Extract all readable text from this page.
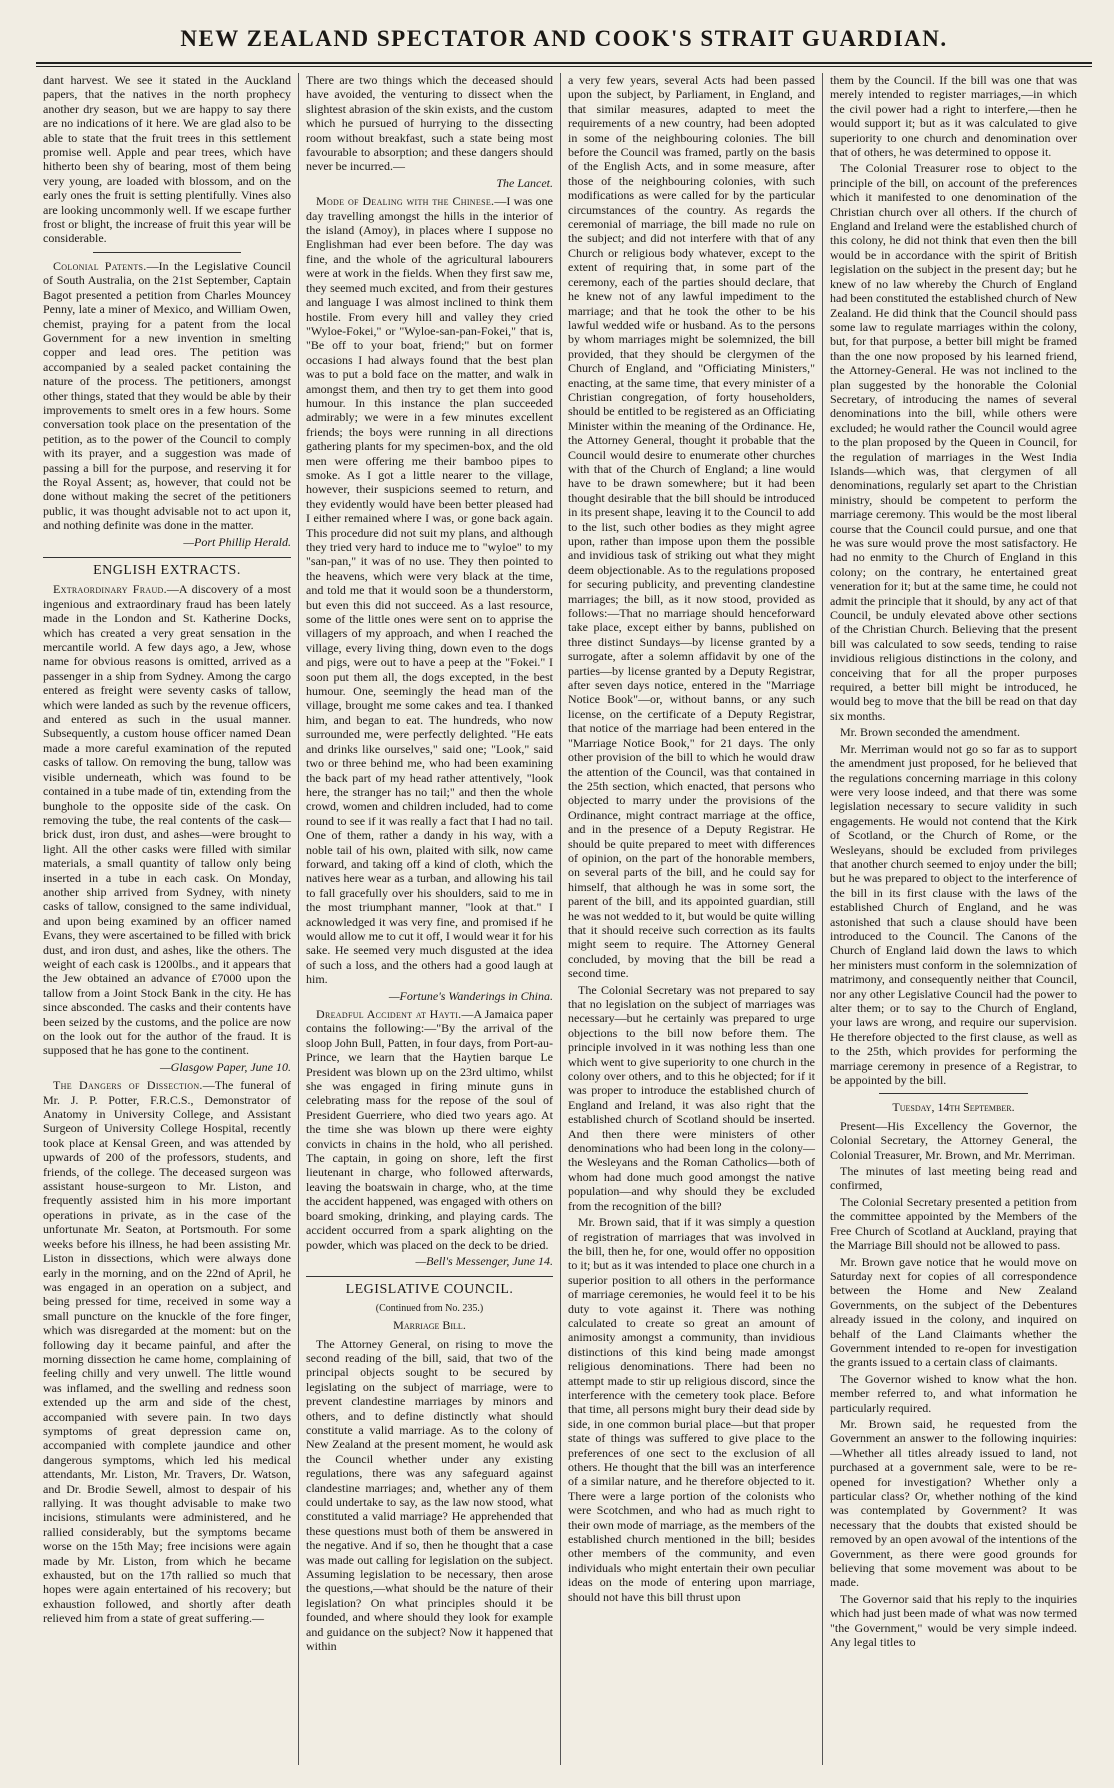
NEW ZEALAND SPECTATOR AND COOK'S STRAIT GUARDIAN.

dant harvest. We see it stated in the Auckland papers, that the natives in the north prophecy another dry season, but we are happy to say there are no indications of it here. We are glad also to be able to state that the fruit trees in this settlement promise well. Apple and pear trees, which have hitherto been shy of bearing, most of them being very young, are loaded with blossom, and on the early ones the fruit is setting plentifully. Vines also are looking uncommonly well. If we escape further frost or blight, the increase of fruit this year will be considerable.

Colonial Patents.—In the Legislative Council of South Australia, on the 21st September, Captain Bagot presented a petition from Charles Mouncey Penny, late a miner of Mexico, and William Owen, chemist, praying for a patent from the local Government for a new invention in smelting copper and lead ores. The petition was accompanied by a sealed packet containing the nature of the process. The petitioners, amongst other things, stated that they would be able by their improvements to smelt ores in a few hours. Some conversation took place on the presentation of the petition, as to the power of the Council to comply with its prayer, and a suggestion was made of passing a bill for the purpose, and reserving it for the Royal Assent; as, however, that could not be done without making the secret of the petitioners public, it was thought advisable not to act upon it, and nothing definite was done in the matter.

—Port Phillip Herald.
ENGLISH EXTRACTS.

Extraordinary Fraud.—A discovery of a most ingenious and extraordinary fraud has been lately made in the London and St. Katherine Docks, which has created a very great sensation in the mercantile world. A few days ago, a Jew, whose name for obvious reasons is omitted, arrived as a passenger in a ship from Sydney. Among the cargo entered as freight were seventy casks of tallow, which were landed as such by the revenue officers, and entered as such in the usual manner. Subsequently, a custom house officer named Dean made a more careful examination of the reputed casks of tallow. On removing the bung, tallow was visible underneath, which was found to be contained in a tube made of tin, extending from the bunghole to the opposite side of the cask. On removing the tube, the real contents of the cask—brick dust, iron dust, and ashes—were brought to light. All the other casks were filled with similar materials, a small quantity of tallow only being inserted in a tube in each cask. On Monday, another ship arrived from Sydney, with ninety casks of tallow, consigned to the same individual, and upon being examined by an officer named Evans, they were ascertained to be filled with brick dust, and iron dust, and ashes, like the others. The weight of each cask is 1200lbs., and it appears that the Jew obtained an advance of £7000 upon the tallow from a Joint Stock Bank in the city. He has since absconded. The casks and their contents have been seized by the customs, and the police are now on the look out for the author of the fraud. It is supposed that he has gone to the continent.

—Glasgow Paper, June 10.

The Dangers of Dissection.—The funeral of Mr. J. P. Potter, F.R.C.S., Demonstrator of Anatomy in University College, and Assistant Surgeon of University College Hospital, recently took place at Kensal Green, and was attended by upwards of 200 of the professors, students, and friends, of the college. The deceased surgeon was assistant house-surgeon to Mr. Liston, and frequently assisted him in his more important operations in private, as in the case of the unfortunate Mr. Seaton, at Portsmouth. For some weeks before his illness, he had been assisting Mr. Liston in dissections, which were always done early in the morning, and on the 22nd of April, he was engaged in an operation on a subject, and being pressed for time, received in some way a small puncture on the knuckle of the fore finger, which was disregarded at the moment: but on the following day it became painful, and after the morning dissection he came home, complaining of feeling chilly and very unwell. The little wound was inflamed, and the swelling and redness soon extended up the arm and side of the chest, accompanied with severe pain. In two days symptoms of great depression came on, accompanied with complete jaundice and other dangerous symptoms, which led his medical attendants, Mr. Liston, Mr. Travers, Dr. Watson, and Dr. Brodie Sewell, almost to despair of his rallying. It was thought advisable to make two incisions, stimulants were administered, and he rallied considerably, but the symptoms became worse on the 15th May; free incisions were again made by Mr. Liston, from which he became exhausted, but on the 17th rallied so much that hopes were again entertained of his recovery; but exhaustion followed, and shortly after death relieved him from a state of great suffering.—

There are two things which the deceased should have avoided, the venturing to dissect when the slightest abrasion of the skin exists, and the custom which he pursued of hurrying to the dissecting room without breakfast, such a state being most favourable to absorption; and these dangers should never be incurred.—

The Lancet.

Mode of Dealing with the Chinese.—I was one day travelling amongst the hills in the interior of the island (Amoy), in places where I suppose no Englishman had ever been before. The day was fine, and the whole of the agricultural labourers were at work in the fields. When they first saw me, they seemed much excited, and from their gestures and language I was almost inclined to think them hostile. From every hill and valley they cried "Wyloe-Fokei," or "Wyloe-san-pan-Fokei," that is, "Be off to your boat, friend;" but on former occasions I had always found that the best plan was to put a bold face on the matter, and walk in amongst them, and then try to get them into good humour. In this instance the plan succeeded admirably; we were in a few minutes excellent friends; the boys were running in all directions gathering plants for my specimen-box, and the old men were offering me their bamboo pipes to smoke. As I got a little nearer to the village, however, their suspicions seemed to return, and they evidently would have been better pleased had I either remained where I was, or gone back again. This procedure did not suit my plans, and although they tried very hard to induce me to "wyloe" to my "san-pan," it was of no use. They then pointed to the heavens, which were very black at the time, and told me that it would soon be a thunderstorm, but even this did not succeed. As a last resource, some of the little ones were sent on to apprise the villagers of my approach, and when I reached the village, every living thing, down even to the dogs and pigs, were out to have a peep at the "Fokei." I soon put them all, the dogs excepted, in the best humour. One, seemingly the head man of the village, brought me some cakes and tea. I thanked him, and began to eat. The hundreds, who now surrounded me, were perfectly delighted. "He eats and drinks like ourselves," said one; "Look," said two or three behind me, who had been examining the back part of my head rather attentively, "look here, the stranger has no tail;" and then the whole crowd, women and children included, had to come round to see if it was really a fact that I had no tail. One of them, rather a dandy in his way, with a noble tail of his own, plaited with silk, now came forward, and taking off a kind of cloth, which the natives here wear as a turban, and allowing his tail to fall gracefully over his shoulders, said to me in the most triumphant manner, "look at that." I acknowledged it was very fine, and promised if he would allow me to cut it off, I would wear it for his sake. He seemed very much disgusted at the idea of such a loss, and the others had a good laugh at him.

—Fortune's Wanderings in China.

Dreadful Accident at Hayti.—A Jamaica paper contains the following:—"By the arrival of the sloop John Bull, Patten, in four days, from Port-au-Prince, we learn that the Haytien barque Le President was blown up on the 23rd ultimo, whilst she was engaged in firing minute guns in celebrating mass for the repose of the soul of President Guerriere, who died two years ago. At the time she was blown up there were eighty convicts in chains in the hold, who all perished. The captain, in going on shore, left the first lieutenant in charge, who followed afterwards, leaving the boatswain in charge, who, at the time the accident happened, was engaged with others on board smoking, drinking, and playing cards. The accident occurred from a spark alighting on the powder, which was placed on the deck to be dried.

—Bell's Messenger, June 14.
LEGISLATIVE COUNCIL.
(Continued from No. 235.)
Marriage Bill.

The Attorney General, on rising to move the second reading of the bill, said, that two of the principal objects sought to be secured by legislating on the subject of marriage, were to prevent clandestine marriages by minors and others, and to define distinctly what should constitute a valid marriage. As to the colony of New Zealand at the present moment, he would ask the Council whether under any existing regulations, there was any safeguard against clandestine marriages; and, whether any of them could undertake to say, as the law now stood, what constituted a valid marriage? He apprehended that these questions must both of them be answered in the negative. And if so, then he thought that a case was made out calling for legislation on the subject. Assuming legislation to be necessary, then arose the questions,—what should be the nature of their legislation? On what principles should it be founded, and where should they look for example and guidance on the subject? Now it happened that within

a very few years, several Acts had been passed upon the subject, by Parliament, in England, and that similar measures, adapted to meet the requirements of a new country, had been adopted in some of the neighbouring colonies. The bill before the Council was framed, partly on the basis of the English Acts, and in some measure, after those of the neighbouring colonies, with such modifications as were called for by the particular circumstances of the country. As regards the ceremonial of marriage, the bill made no rule on the subject; and did not interfere with that of any Church or religious body whatever, except to the extent of requiring that, in some part of the ceremony, each of the parties should declare, that he knew not of any lawful impediment to the marriage; and that he took the other to be his lawful wedded wife or husband. As to the persons by whom marriages might be solemnized, the bill provided, that they should be clergymen of the Church of England, and "Officiating Ministers," enacting, at the same time, that every minister of a Christian congregation, of forty householders, should be entitled to be registered as an Officiating Minister within the meaning of the Ordinance. He, the Attorney General, thought it probable that the Council would desire to enumerate other churches with that of the Church of England; a line would have to be drawn somewhere; but it had been thought desirable that the bill should be introduced in its present shape, leaving it to the Council to add to the list, such other bodies as they might agree upon, rather than impose upon them the possible and invidious task of striking out what they might deem objectionable. As to the regulations proposed for securing publicity, and preventing clandestine marriages; the bill, as it now stood, provided as follows:—That no marriage should henceforward take place, except either by banns, published on three distinct Sundays—by license granted by a surrogate, after a solemn affidavit by one of the parties—by license granted by a Deputy Registrar, after seven days notice, entered in the "Marriage Notice Book"—or, without banns, or any such license, on the certificate of a Deputy Registrar, that notice of the marriage had been entered in the "Marriage Notice Book," for 21 days. The only other provision of the bill to which he would draw the attention of the Council, was that contained in the 25th section, which enacted, that persons who objected to marry under the provisions of the Ordinance, might contract marriage at the office, and in the presence of a Deputy Registrar. He should be quite prepared to meet with differences of opinion, on the part of the honorable members, on several parts of the bill, and he could say for himself, that although he was in some sort, the parent of the bill, and its appointed guardian, still he was not wedded to it, but would be quite willing that it should receive such correction as its faults might seem to require. The Attorney General concluded, by moving that the bill be read a second time.

The Colonial Secretary was not prepared to say that no legislation on the subject of marriages was necessary—but he certainly was prepared to urge objections to the bill now before them. The principle involved in it was nothing less than one which went to give superiority to one church in the colony over others, and to this he objected; for if it was proper to introduce the established church of England and Ireland, it was also right that the established church of Scotland should be inserted. And then there were ministers of other denominations who had been long in the colony—the Wesleyans and the Roman Catholics—both of whom had done much good amongst the native population—and why should they be excluded from the recognition of the bill?

Mr. Brown said, that if it was simply a question of registration of marriages that was involved in the bill, then he, for one, would offer no opposition to it; but as it was intended to place one church in a superior position to all others in the performance of marriage ceremonies, he would feel it to be his duty to vote against it. There was nothing calculated to create so great an amount of animosity amongst a community, than invidious distinctions of this kind being made amongst religious denominations. There had been no attempt made to stir up religious discord, since the interference with the cemetery took place. Before that time, all persons might bury their dead side by side, in one common burial place—but that proper state of things was suffered to give place to the preferences of one sect to the exclusion of all others. He thought that the bill was an interference of a similar nature, and he therefore objected to it. There were a large portion of the colonists who were Scotchmen, and who had as much right to their own mode of marriage, as the members of the established church mentioned in the bill; besides other members of the community, and even individuals who might entertain their own peculiar ideas on the mode of entering upon marriage, should not have this bill thrust upon

them by the Council. If the bill was one that was merely intended to register marriages,—in which the civil power had a right to interfere,—then he would support it; but as it was calculated to give superiority to one church and denomination over that of others, he was determined to oppose it.

The Colonial Treasurer rose to object to the principle of the bill, on account of the preferences which it manifested to one denomination of the Christian church over all others. If the church of England and Ireland were the established church of this colony, he did not think that even then the bill would be in accordance with the spirit of British legislation on the subject in the present day; but he knew of no law whereby the Church of England had been constituted the established church of New Zealand. He did think that the Council should pass some law to regulate marriages within the colony, but, for that purpose, a better bill might be framed than the one now proposed by his learned friend, the Attorney-General. He was not inclined to the plan suggested by the honorable the Colonial Secretary, of introducing the names of several denominations into the bill, while others were excluded; he would rather the Council would agree to the plan proposed by the Queen in Council, for the regulation of marriages in the West India Islands—which was, that clergymen of all denominations, regularly set apart to the Christian ministry, should be competent to perform the marriage ceremony. This would be the most liberal course that the Council could pursue, and one that he was sure would prove the most satisfactory. He had no enmity to the Church of England in this colony; on the contrary, he entertained great veneration for it; but at the same time, he could not admit the principle that it should, by any act of that Council, be unduly elevated above other sections of the Christian Church. Believing that the present bill was calculated to sow seeds, tending to raise invidious religious distinctions in the colony, and conceiving that for all the proper purposes required, a better bill might be introduced, he would beg to move that the bill be read on that day six months.

Mr. Brown seconded the amendment.

Mr. Merriman would not go so far as to support the amendment just proposed, for he believed that the regulations concerning marriage in this colony were very loose indeed, and that there was some legislation necessary to secure validity in such engagements. He would not contend that the Kirk of Scotland, or the Church of Rome, or the Wesleyans, should be excluded from privileges that another church seemed to enjoy under the bill; but he was prepared to object to the interference of the bill in its first clause with the laws of the established Church of England, and he was astonished that such a clause should have been introduced to the Council. The Canons of the Church of England laid down the laws to which her ministers must conform in the solemnization of matrimony, and consequently neither that Council, nor any other Legislative Council had the power to alter them; or to say to the Church of England, your laws are wrong, and require our supervision. He therefore objected to the first clause, as well as to the 25th, which provides for performing the marriage ceremony in presence of a Registrar, to be appointed by the bill.

Tuesday, 14th September.

Present—His Excellency the Governor, the Colonial Secretary, the Attorney General, the Colonial Treasurer, Mr. Brown, and Mr. Merriman.

The minutes of last meeting being read and confirmed,

The Colonial Secretary presented a petition from the committee appointed by the Members of the Free Church of Scotland at Auckland, praying that the Marriage Bill should not be allowed to pass.

Mr. Brown gave notice that he would move on Saturday next for copies of all correspondence between the Home and New Zealand Governments, on the subject of the Debentures already issued in the colony, and inquired on behalf of the Land Claimants whether the Government intended to re-open for investigation the grants issued to a certain class of claimants.

The Governor wished to know what the hon. member referred to, and what information he particularly required.

Mr. Brown said, he requested from the Government an answer to the following inquiries:—Whether all titles already issued to land, not purchased at a government sale, were to be re-opened for investigation? Whether only a particular class? Or, whether nothing of the kind was contemplated by Government? It was necessary that the doubts that existed should be removed by an open avowal of the intentions of the Government, as there were good grounds for believing that some movement was about to be made.

The Governor said that his reply to the inquiries which had just been made of what was now termed "the Government," would be very simple indeed. Any legal titles to
